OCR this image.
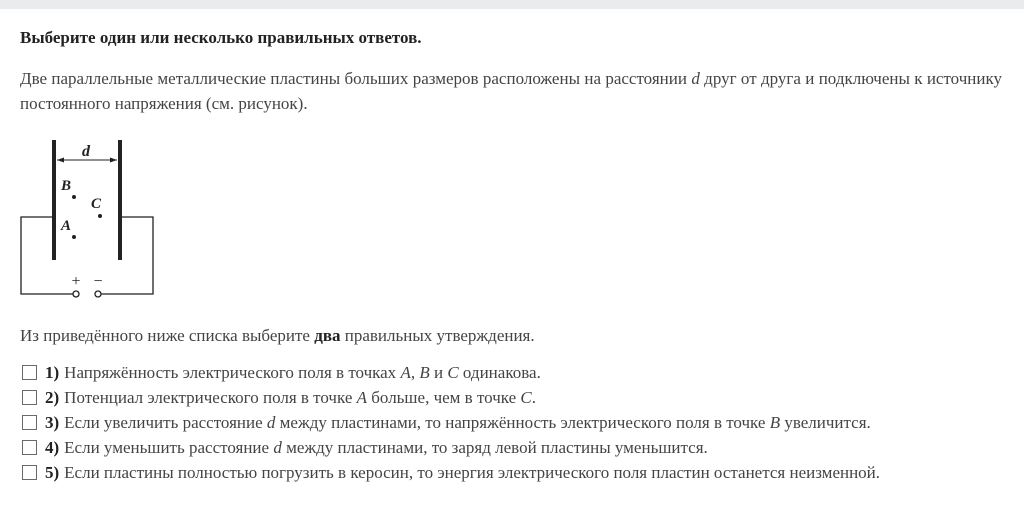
Выберите один или несколько правильных ответов.
Две параллельные металлические пластины больших размеров расположены на расстоянии d друг от друга и подключены к источнику постоянного напряжения (см. рисунок).
d
B
C
A
+ −
Из приведённого ниже списка выберите два правильных утверждения.
1) Напряжённость электрического поля в точках A, B и C одинакова.
2) Потенциал электрического поля в точке A больше, чем в точке C.
3) Если увеличить расстояние d между пластинами, то напряжённость электрического поля в точке B увеличится.
4) Если уменьшить расстояние d между пластинами, то заряд левой пластины уменьшится.
5) Если пластины полностью погрузить в керосин, то энергия электрического поля пластин останется неизменной.
